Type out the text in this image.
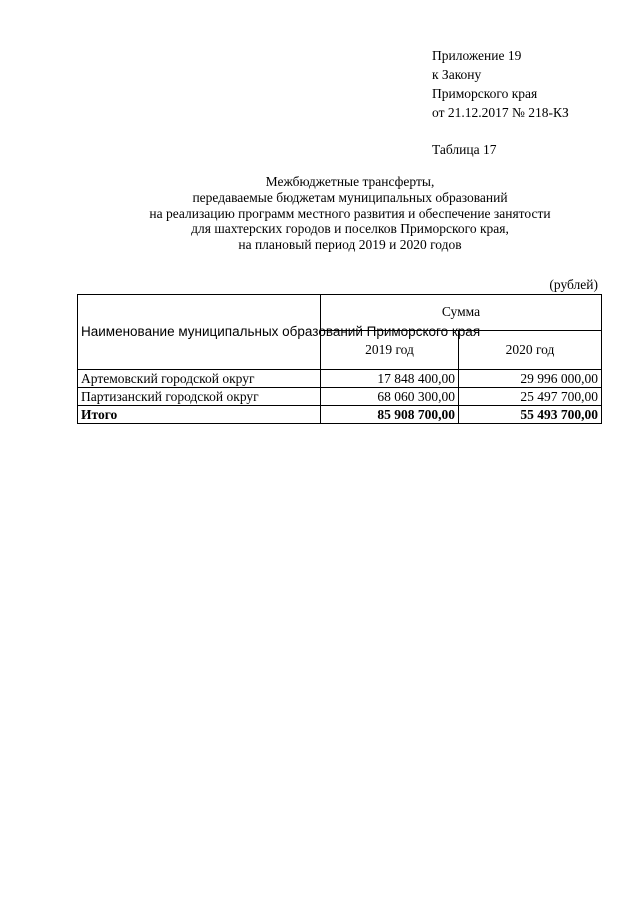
Приложение 19
к Закону
Приморского края
от 21.12.2017 № 218-КЗ
Таблица 17
Межбюджетные трансферты,
передаваемые бюджетам муниципальных образований
на реализацию программ местного развития и обеспечение занятости
для шахтерских городов и поселков Приморского края,
на плановый период 2019 и 2020 годов
(рублей)
Наименование муниципальных образований Приморского края	Сумма	
	2019 год	2020 год
Артемовский городской округ	17 848 400,00	29 996 000,00
Партизанский городской округ	68 060 300,00	25 497 700,00
Итого	85 908 700,00	55 493 700,00
